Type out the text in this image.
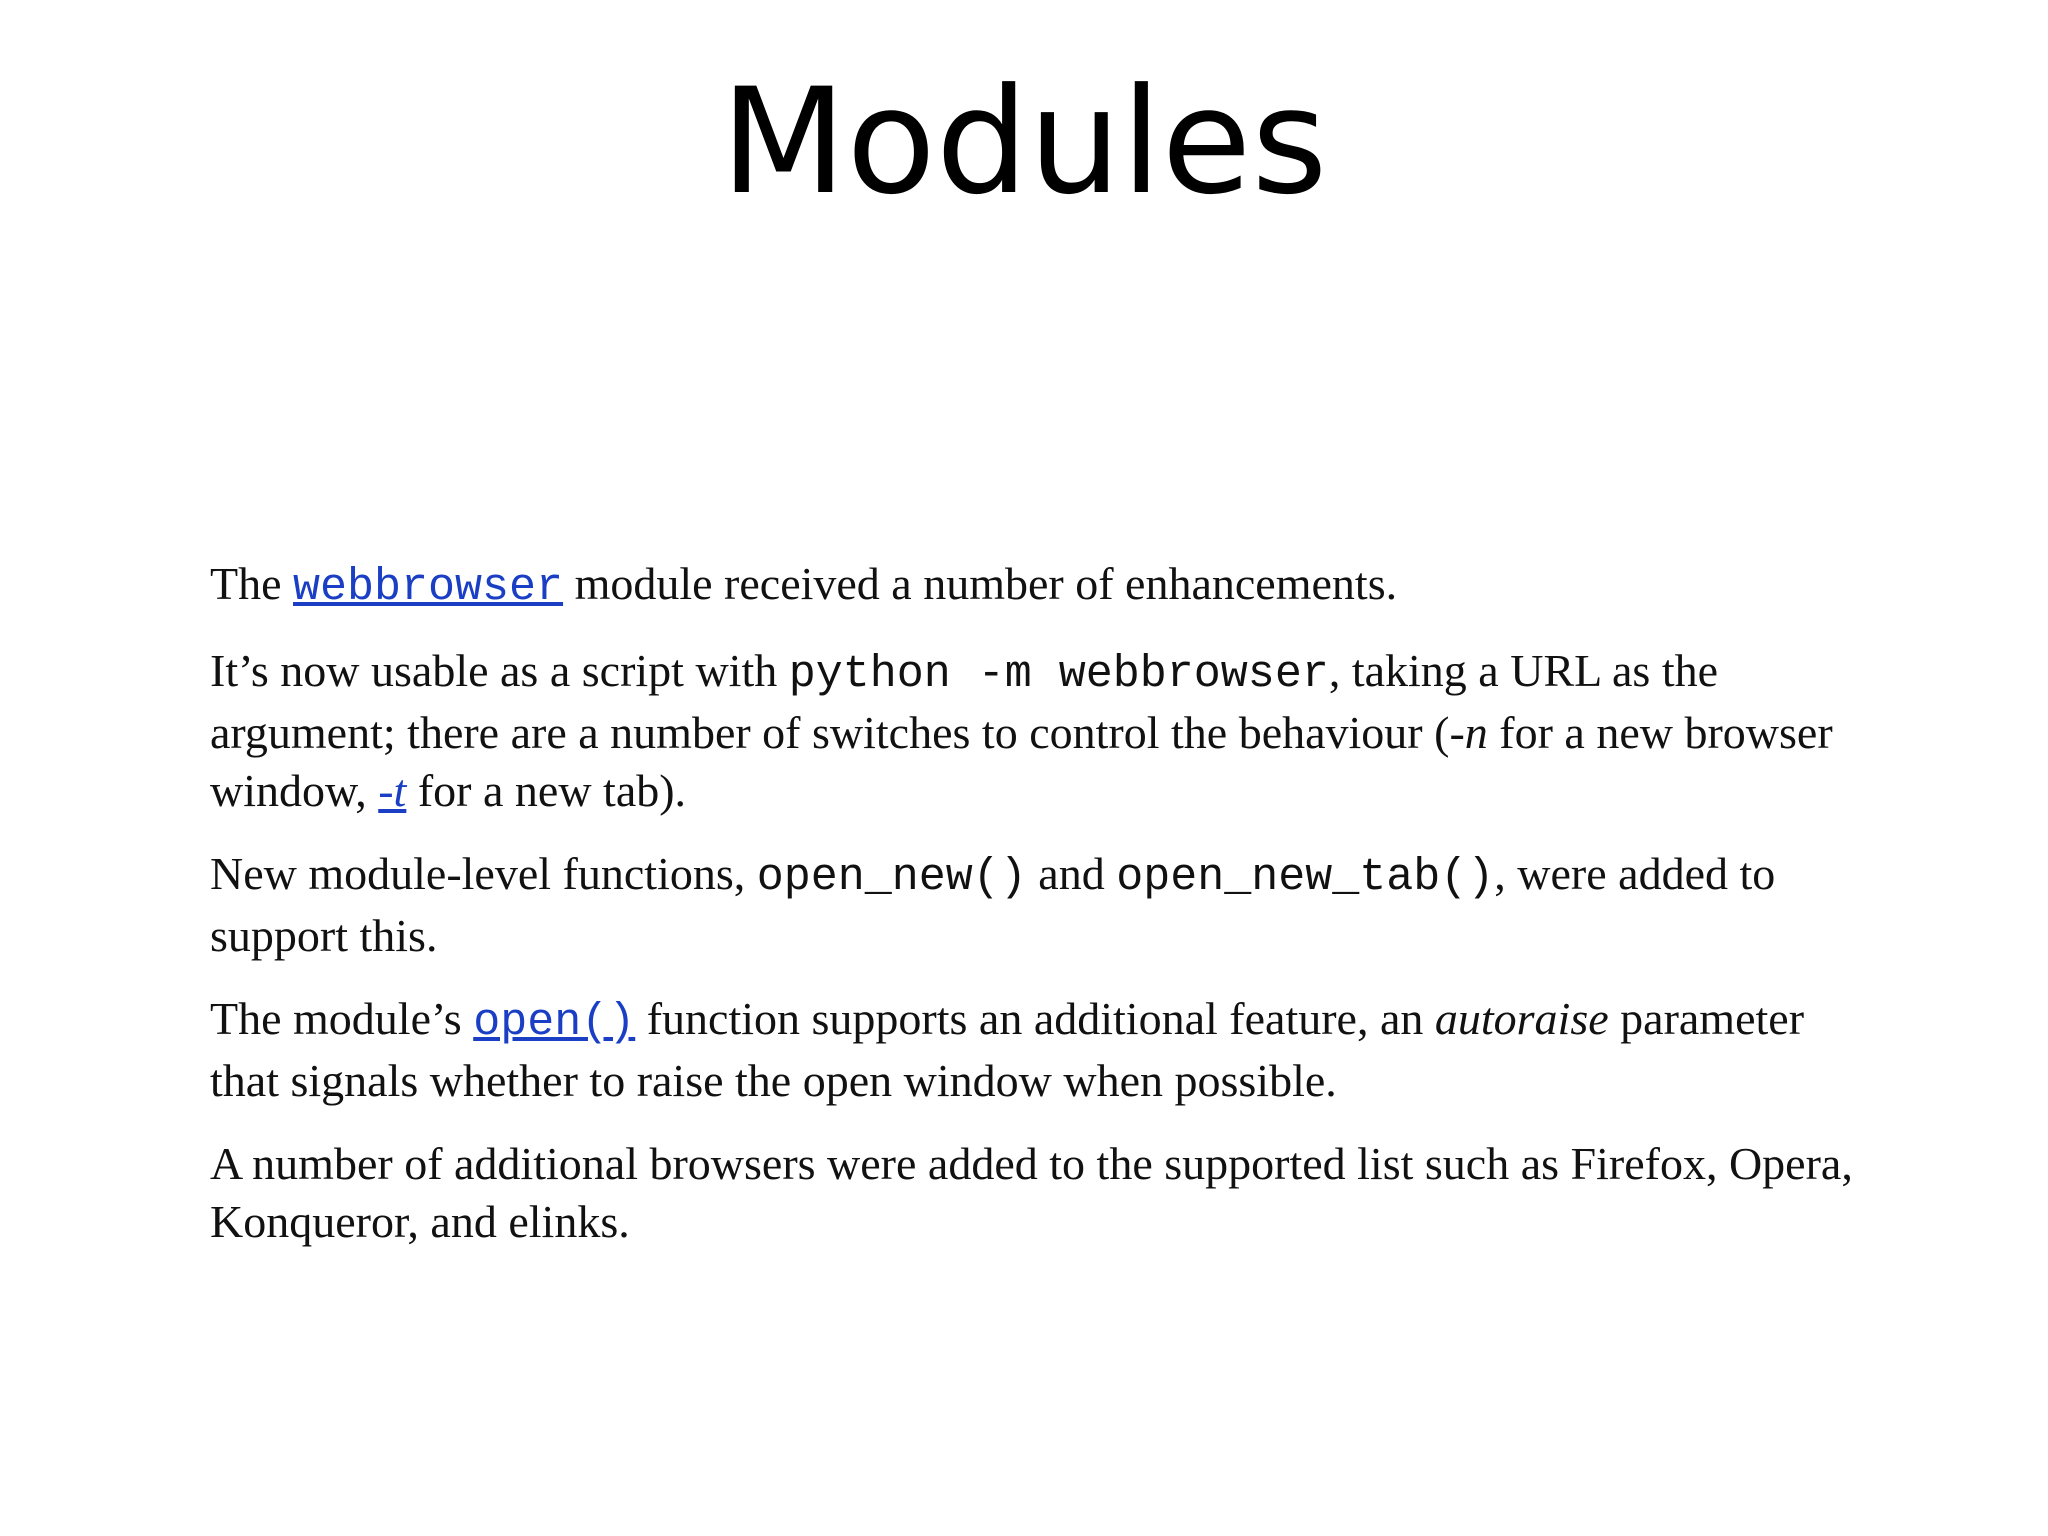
Modules

The webbrowser module received a number of enhancements.

It’s now usable as a script with python -m webbrowser, taking a URL as the argument; there are a number of switches to control the behaviour (-n for a new browser window, -t for a new tab).

New module-level functions, open_new() and open_new_tab(), were added to support this.

The module’s open() function supports an additional feature, an autoraise parameter that signals whether to raise the open window when possible.

A number of additional browsers were added to the supported list such as Firefox, Opera, Konqueror, and elinks.
